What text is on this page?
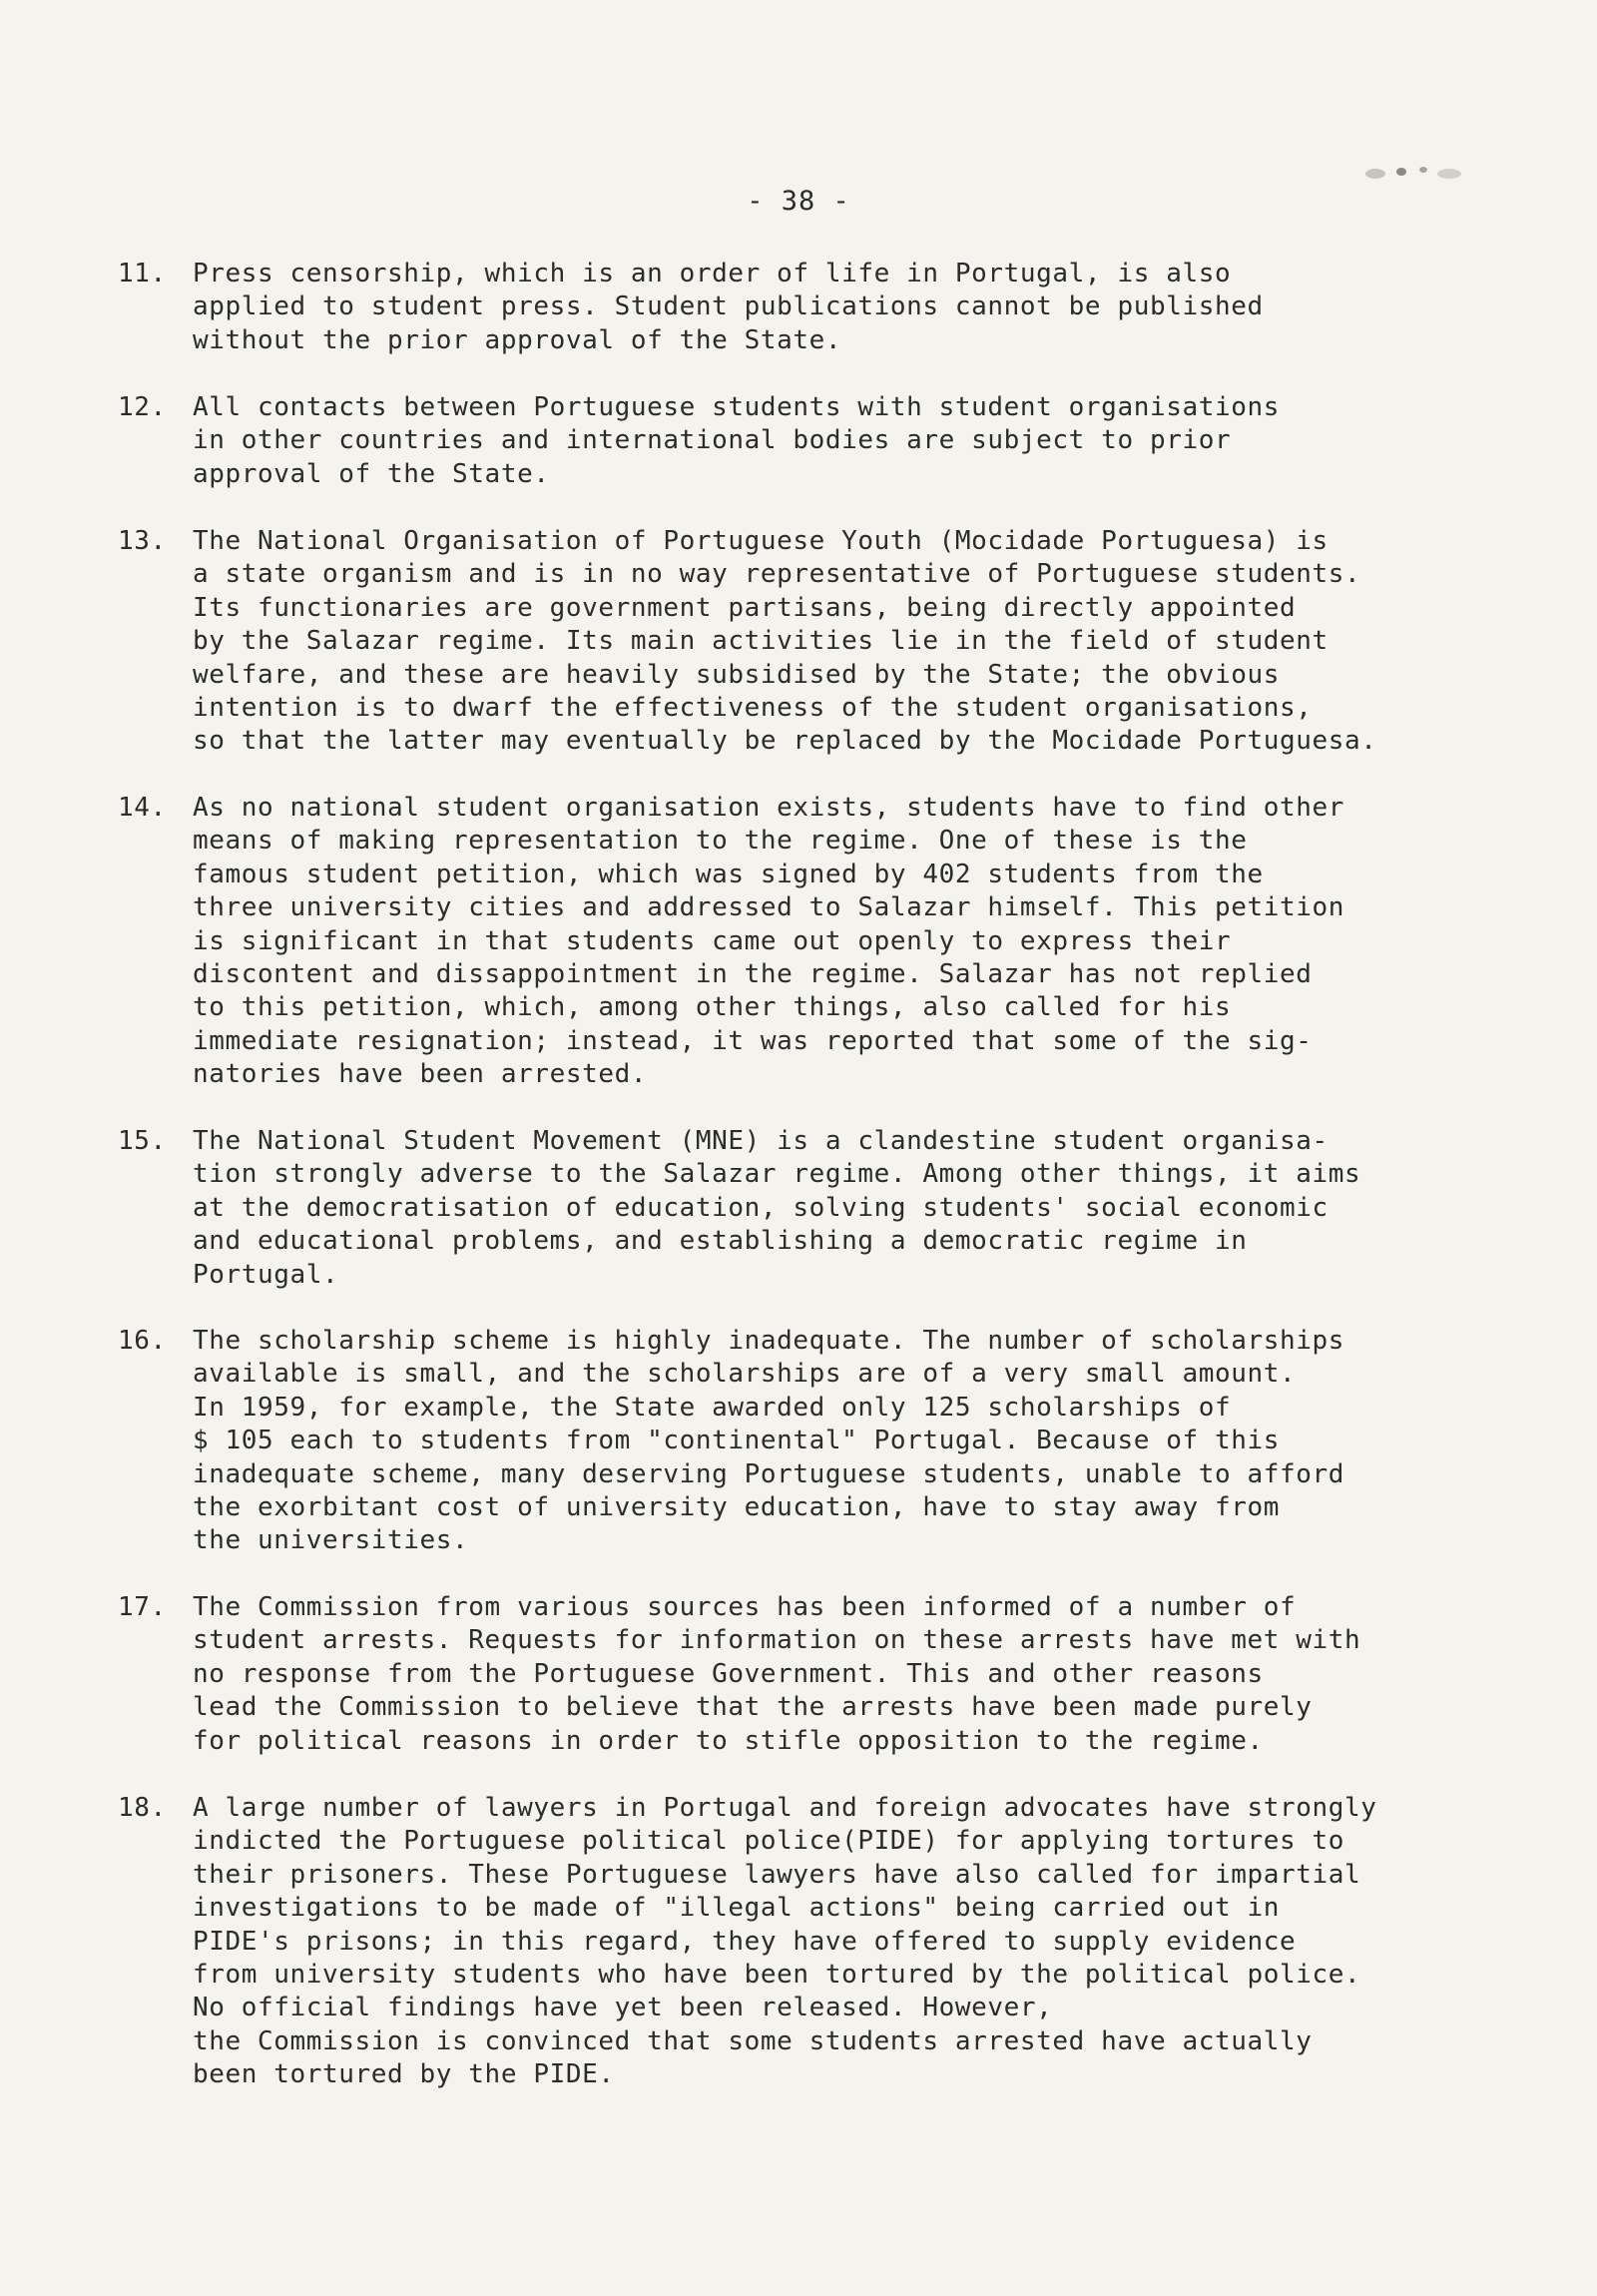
- 38 -
11.	Press censorship, which is an order of life in Portugal, is also
applied to student press. Student publications cannot be published
without the prior approval of the State.
12.	All contacts between Portuguese students with student organisations
in other countries and international bodies are subject to prior
approval of the State.
13.	The National Organisation of Portuguese Youth (Mocidade Portuguesa) is
a state organism and is in no way representative of Portuguese students.
Its functionaries are government partisans, being directly appointed
by the Salazar regime. Its main activities lie in the field of student
welfare, and these are heavily subsidised by the State; the obvious
intention is to dwarf the effectiveness of the student organisations,
so that the latter may eventually be replaced by the Mocidade Portuguesa.
14.	As no national student organisation exists, students have to find other
means of making representation to the regime. One of these is the
famous student petition, which was signed by 402 students from the
three university cities and addressed to Salazar himself. This petition
is significant in that students came out openly to express their
discontent and dissappointment in the regime. Salazar has not replied
to this petition, which, among other things, also called for his
immediate resignation; instead, it was reported that some of the sig-
natories have been arrested.
15.	The National Student Movement (MNE) is a clandestine student organisa-
tion strongly adverse to the Salazar regime. Among other things, it aims
at the democratisation of education, solving students' social economic
and educational problems, and establishing a democratic regime in
Portugal.
16.	The scholarship scheme is highly inadequate. The number of scholarships
available is small, and the scholarships are of a very small amount.
In 1959, for example, the State awarded only 125 scholarships of
$ 105 each to students from "continental" Portugal. Because of this
inadequate scheme, many deserving Portuguese students, unable to afford
the exorbitant cost of university education, have to stay away from
the universities.
17.	The Commission from various sources has been informed of a number of
student arrests. Requests for information on these arrests have met with
no response from the Portuguese Government. This and other reasons
lead the Commission to believe that the arrests have been made purely
for political reasons in order to stifle opposition to the regime.
18.	A large number of lawyers in Portugal and foreign advocates have strongly
indicted the Portuguese political police(PIDE) for applying tortures to
their prisoners. These Portuguese lawyers have also called for impartial
investigations to be made of "illegal actions" being carried out in
PIDE's prisons; in this regard, they have offered to supply evidence
from university students who have been tortured by the political police.
No official findings have yet been released. However,
the Commission is convinced that some students arrested have actually
been tortured by the PIDE.
